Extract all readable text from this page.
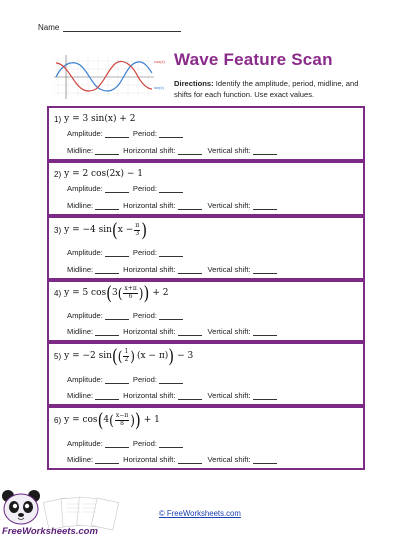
Name
cos(x)
sin(x)
Wave Feature Scan
Directions: Identify the amplitude, period, midline, and shifts for each function. Use exact values.
1) y = 3 sin(x) + 2
Amplitude:	Period:
Midline:	Horizontal shift:	Vertical shift:
2) y = 2 cos(2x) − 1
Amplitude:	Period:
Midline:	Horizontal shift:	Vertical shift:
3) y = −4 sin ( $x - \frac{\pi}{3}$ )
Amplitude:	Period:
Midline:	Horizontal shift:	Vertical shift:
4) y = 5 cos ( 3 ( $\frac{x+\pi}{6}$ ) ) + 2
Amplitude:	Period:
Midline:	Horizontal shift:	Vertical shift:
5) y = −2 sin ( ( $\frac{1}{2}$ ) (x − π) ) − 3
Amplitude:	Period:
Midline:	Horizontal shift:	Vertical shift:
6) y = cos ( 4 ( $\frac{x-\pi}{8}$ ) ) + 1
Amplitude:	Period:
Midline:	Horizontal shift:	Vertical shift:
FreeWorksheets.com
© FreeWorksheets.com
